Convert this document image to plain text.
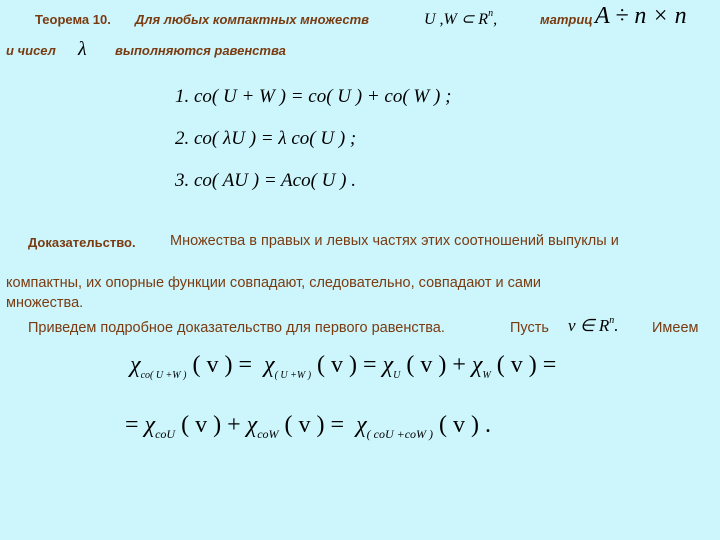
Теорема 10. Для любых компактных множеств	U ,W ⊂ $R^n$,	матриц A ÷ n × n
и чисел λ выполняются равенства
1. co( U + W ) = co( U ) + co( W ) ;
2. co( λU ) = λ co( U ) ;
3. co( AU ) = Aco( U ) .
Доказательство. Множества в правых и левых частях этих соотношений выпуклы и
компактны, их опорные функции совпадают, следовательно, совпадают и сами
множества.
Приведем подробное доказательство для первого равенства.	Пусть v ∈ $R^n$. Имеем
$\chi_{co( U +W )}$ ( v ) = $\chi_{( U +W )}$ ( v ) = $\chi_U$ ( v ) + $\chi_W$ ( v ) =
= $\chi_{coU}$ ( v ) + $\chi_{coW}$ ( v ) = $\chi_{( coU +coW )}$ ( v ) .
